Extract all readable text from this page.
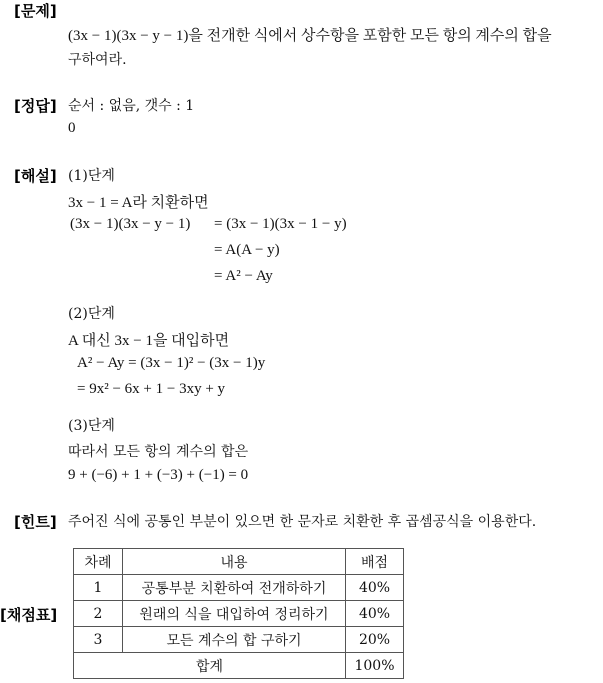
[문제]
(3x − 1)(3x − y − 1)을 전개한 식에서 상수항을 포함한 모든 항의 계수의 합을
구하여라.
[정답] 순서 : 없음, 갯수 : 1
0
[해설] (1)단계
3x − 1 = A라 치환하면
(3x − 1)(3x − y − 1) = (3x − 1)(3x − 1 − y)
= A(A − y)
= A² − Ay
(2)단계
A 대신 3x − 1을 대입하면
A² − Ay = (3x − 1)² − (3x − 1)y
= 9x² − 6x + 1 − 3xy + y
(3)단계
따라서 모든 항의 계수의 합은
9 + (−6) + 1 + (−3) + (−1) = 0
[힌트] 주어진 식에 공통인 부분이 있으면 한 문자로 치환한 후 곱셈공식을 이용한다.
[채점표]
차례	내용	배점
1	공통부분 치환하여 전개하하기	40%
2	원래의 식을 대입하여 정리하기	40%
3	모든 계수의 합 구하기	20%
합계		100%
